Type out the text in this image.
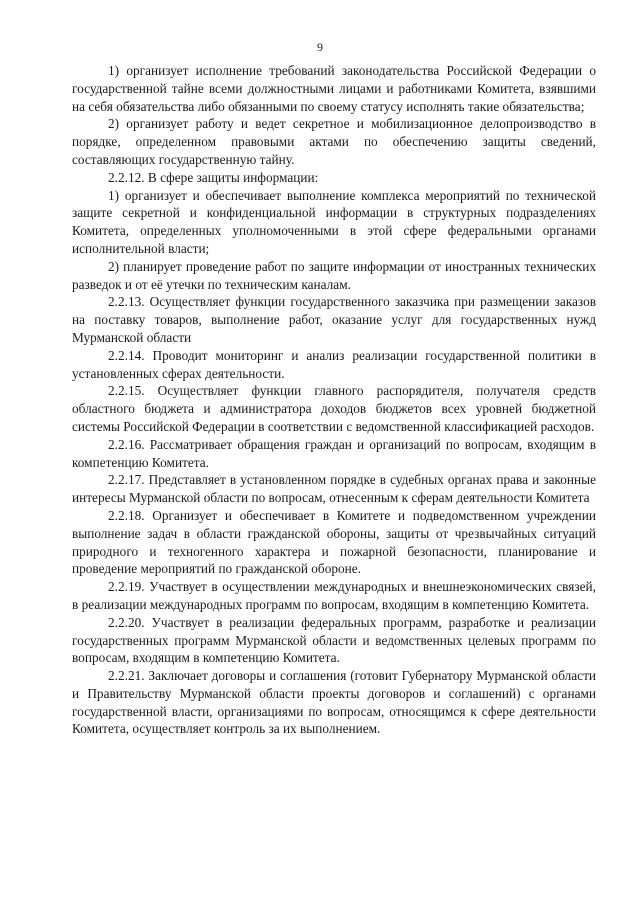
9

1) организует исполнение требований законодательства Российской Федерации о государственной тайне всеми должностными лицами и работниками Комитета, взявшими на себя обязательства либо обязанными по своему статусу исполнять такие обязательства;

2) организует работу и ведет секретное и мобилизационное делопроизводство в порядке, определенном правовыми актами по обеспечению защиты сведений, составляющих государственную тайну.

2.2.12. В сфере защиты информации:

1) организует и обеспечивает выполнение комплекса мероприятий по технической защите секретной и конфиденциальной информации в структурных подразделениях Комитета, определенных уполномоченными в этой сфере федеральными органами исполнительной власти;

2) планирует проведение работ по защите информации от иностранных технических разведок и от её утечки по техническим каналам.

2.2.13. Осуществляет функции государственного заказчика при размещении заказов на поставку товаров, выполнение работ, оказание услуг для государственных нужд Мурманской области

2.2.14. Проводит мониторинг и анализ реализации государственной политики в установленных сферах деятельности.

2.2.15. Осуществляет функции главного распорядителя, получателя средств областного бюджета и администратора доходов бюджетов всех уровней бюджетной системы Российской Федерации в соответствии с ведомственной классификацией расходов.

2.2.16. Рассматривает обращения граждан и организаций по вопросам, входящим в компетенцию Комитета.

2.2.17. Представляет в установленном порядке в судебных органах права и законные интересы Мурманской области по вопросам, отнесенным к сферам деятельности Комитета

2.2.18. Организует и обеспечивает в Комитете и подведомственном учреждении выполнение задач в области гражданской обороны, защиты от чрезвычайных ситуаций природного и техногенного характера и пожарной безопасности, планирование и проведение мероприятий по гражданской обороне.

2.2.19. Участвует в осуществлении международных и внешнеэкономических связей, в реализации международных программ по вопросам, входящим в компетенцию Комитета.

2.2.20. Участвует в реализации федеральных программ, разработке и реализации государственных программ Мурманской области и ведомственных целевых программ по вопросам, входящим в компетенцию Комитета.

2.2.21. Заключает договоры и соглашения (готовит Губернатору Мурманской области и Правительству Мурманской области проекты договоров и соглашений) с органами государственной власти, организациями по вопросам, относящимся к сфере деятельности Комитета, осуществляет контроль за их выполнением.
